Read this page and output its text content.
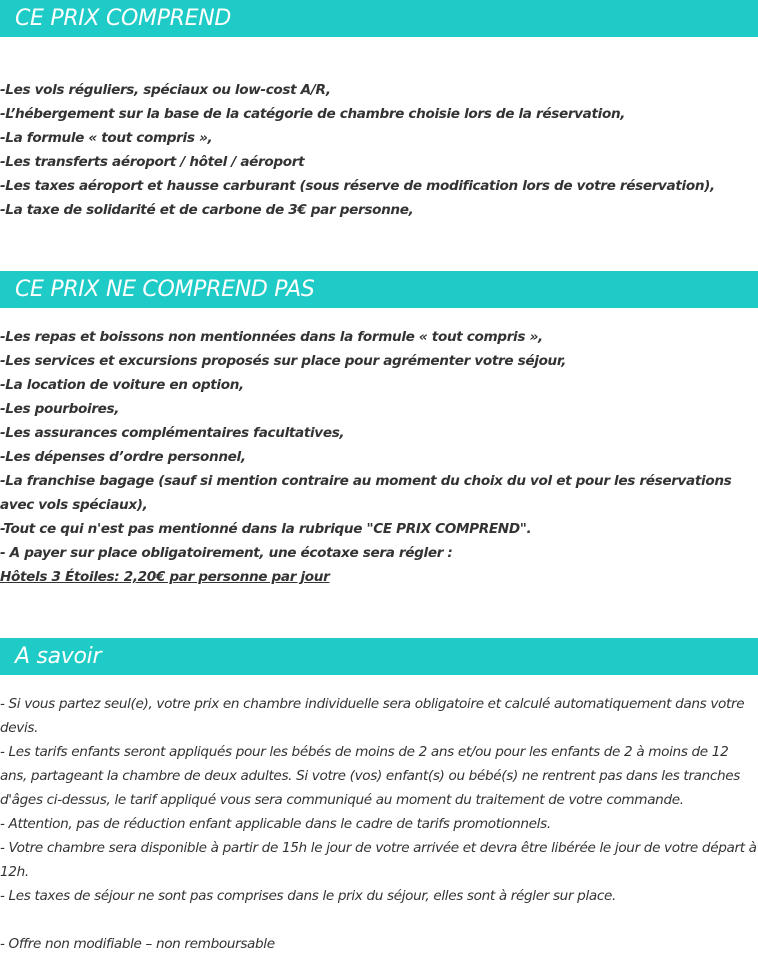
CE PRIX COMPREND
-Les vols réguliers, spéciaux ou low-cost A/R,
-L’hébergement sur la base de la catégorie de chambre choisie lors de la réservation,
-La formule « tout compris »,
-Les transferts aéroport / hôtel / aéroport
-Les taxes aéroport et hausse carburant (sous réserve de modification lors de votre réservation),
-La taxe de solidarité et de carbone de 3€ par personne,
CE PRIX NE COMPREND PAS
-Les repas et boissons non mentionnées dans la formule « tout compris »,
-Les services et excursions proposés sur place pour agrémenter votre séjour,
-La location de voiture en option,
-Les pourboires,
-Les assurances complémentaires facultatives,
-Les dépenses d’ordre personnel,
-La franchise bagage (sauf si mention contraire au moment du choix du vol et pour les réservations avec vols spéciaux),
-Tout ce qui n'est pas mentionné dans la rubrique "CE PRIX COMPREND".
- A payer sur place obligatoirement, une écotaxe sera régler :
Hôtels 3 Étoiles: 2,20€ par personne par jour
A savoir
- Si vous partez seul(e), votre prix en chambre individuelle sera obligatoire et calculé automatiquement dans votre devis.
- Les tarifs enfants seront appliqués pour les bébés de moins de 2 ans et/ou pour les enfants de 2 à moins de 12 ans, partageant la chambre de deux adultes. Si votre (vos) enfant(s) ou bébé(s) ne rentrent pas dans les tranches d'âges ci-dessus, le tarif appliqué vous sera communiqué au moment du traitement de votre commande.
- Attention, pas de réduction enfant applicable dans le cadre de tarifs promotionnels.
- Votre chambre sera disponible à partir de 15h le jour de votre arrivée et devra être libérée le jour de votre départ à 12h.
- Les taxes de séjour ne sont pas comprises dans le prix du séjour, elles sont à régler sur place.
- Offre non modifiable – non remboursable
